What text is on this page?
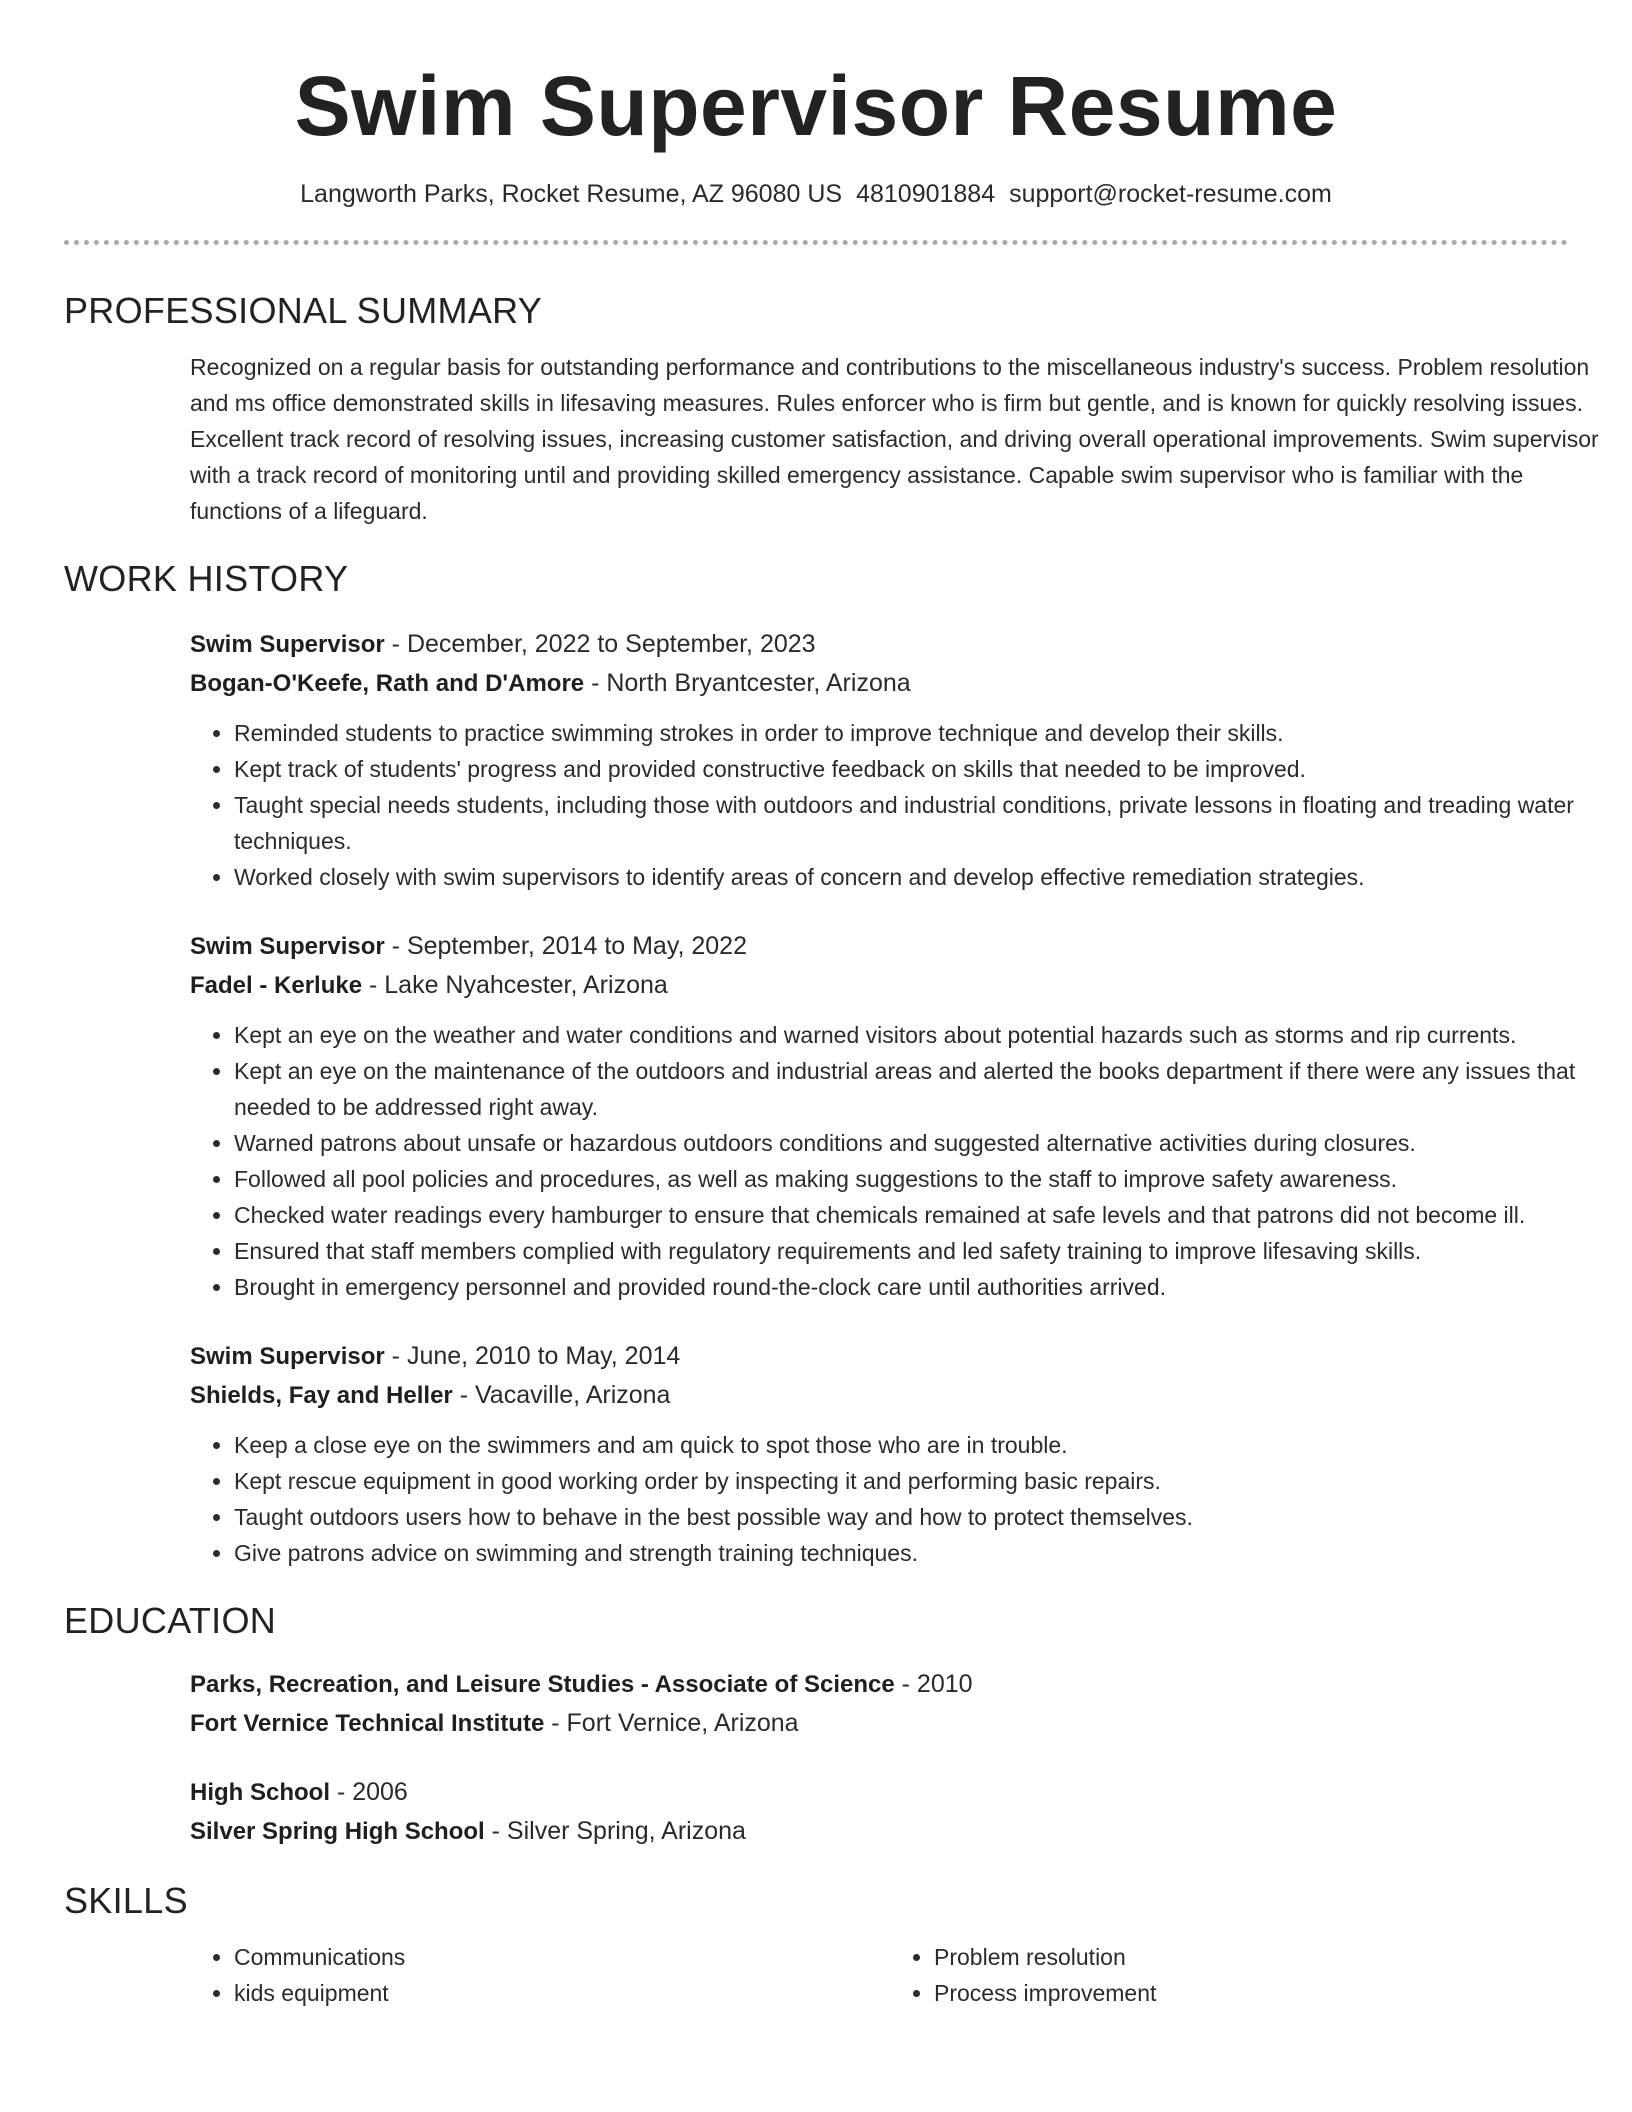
Swim Supervisor Resume
Langworth Parks, Rocket Resume, AZ 96080 US 4810901884 support@rocket-resume.com
PROFESSIONAL SUMMARY

Recognized on a regular basis for outstanding performance and contributions to the miscellaneous industry's success. Problem resolution and ms office demonstrated skills in lifesaving measures. Rules enforcer who is firm but gentle, and is known for quickly resolving issues. Excellent track record of resolving issues, increasing customer satisfaction, and driving overall operational improvements. Swim supervisor with a track record of monitoring until and providing skilled emergency assistance. Capable swim supervisor who is familiar with the functions of a lifeguard.

WORK HISTORY

Swim Supervisor - December, 2022 to September, 2023

Bogan-O'Keefe, Rath and D'Amore - North Bryantcester, Arizona

• Reminded students to practice swimming strokes in order to improve technique and develop their skills.
• Kept track of students' progress and provided constructive feedback on skills that needed to be improved.
• Taught special needs students, including those with outdoors and industrial conditions, private lessons in floating and treading water techniques.
• Worked closely with swim supervisors to identify areas of concern and develop effective remediation strategies.

Swim Supervisor - September, 2014 to May, 2022

Fadel - Kerluke - Lake Nyahcester, Arizona

• Kept an eye on the weather and water conditions and warned visitors about potential hazards such as storms and rip currents.
• Kept an eye on the maintenance of the outdoors and industrial areas and alerted the books department if there were any issues that needed to be addressed right away.
• Warned patrons about unsafe or hazardous outdoors conditions and suggested alternative activities during closures.
• Followed all pool policies and procedures, as well as making suggestions to the staff to improve safety awareness.
• Checked water readings every hamburger to ensure that chemicals remained at safe levels and that patrons did not become ill.
• Ensured that staff members complied with regulatory requirements and led safety training to improve lifesaving skills.
• Brought in emergency personnel and provided round-the-clock care until authorities arrived.

Swim Supervisor - June, 2010 to May, 2014

Shields, Fay and Heller - Vacaville, Arizona

• Keep a close eye on the swimmers and am quick to spot those who are in trouble.
• Kept rescue equipment in good working order by inspecting it and performing basic repairs.
• Taught outdoors users how to behave in the best possible way and how to protect themselves.
• Give patrons advice on swimming and strength training techniques.
EDUCATION

Parks, Recreation, and Leisure Studies - Associate of Science - 2010

Fort Vernice Technical Institute - Fort Vernice, Arizona

High School - 2006

Silver Spring High School - Silver Spring, Arizona

SKILLS
• Communications
• kids equipment
• Problem resolution
• Process improvement
